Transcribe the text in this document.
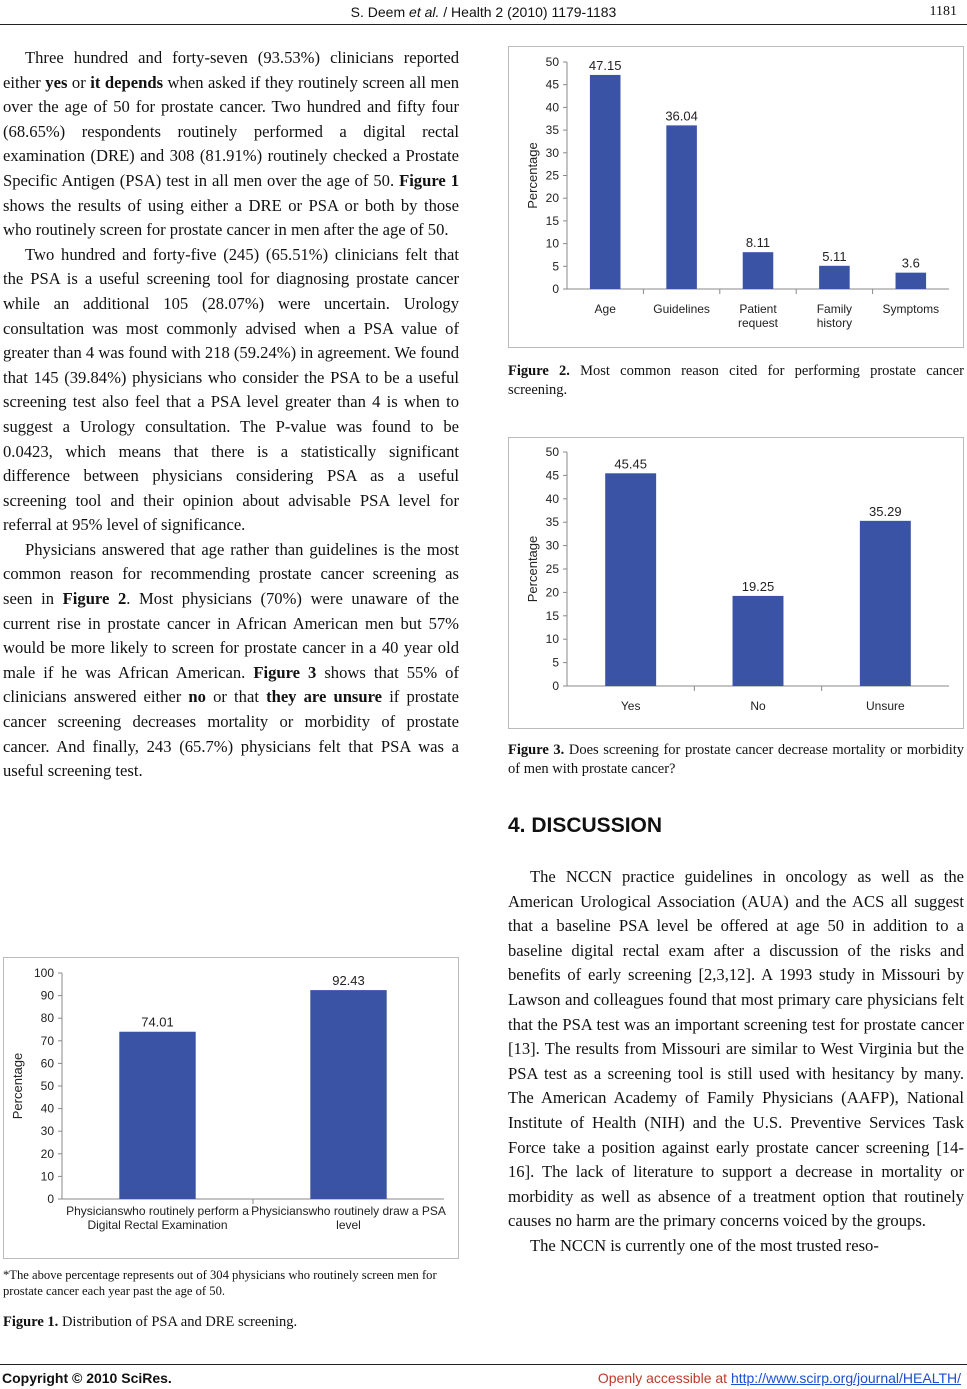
S. Deem et al. / Health 2 (2010) 1179-1183	1181

Three hundred and forty-seven (93.53%) clinicians reported either yes or it depends when asked if they routinely screen all men over the age of 50 for prostate cancer. Two hundred and fifty four (68.65%) respondents routinely performed a digital rectal examination (DRE) and 308 (81.91%) routinely checked a Prostate Specific Antigen (PSA) test in all men over the age of 50. Figure 1 shows the results of using either a DRE or PSA or both by those who routinely screen for prostate cancer in men after the age of 50.

Two hundred and forty-five (245) (65.51%) clinicians felt that the PSA is a useful screening tool for diagnosing prostate cancer while an additional 105 (28.07%) were uncertain. Urology consultation was most commonly advised when a PSA value of greater than 4 was found with 218 (59.24%) in agreement. We found that 145 (39.84%) physicians who consider the PSA to be a useful screening test also feel that a PSA level greater than 4 is when to suggest a Urology consultation. The P-value was found to be 0.0423, which means that there is a statistically significant difference between physicians considering PSA as a useful screening tool and their opinion about advisable PSA level for referral at 95% level of significance.

Physicians answered that age rather than guidelines is the most common reason for recommending prostate cancer screening as seen in Figure 2. Most physicians (70%) were unaware of the current rise in prostate cancer in African American men but 57% would be more likely to screen for prostate cancer in a 40 year old male if he was African American. Figure 3 shows that 55% of clinicians answered either no or that they are unsure if prostate cancer screening decreases mortality or morbidity of prostate cancer. And finally, 243 (65.7%) physicians felt that PSA was a useful screening test.

Percentage
0
10
20
30
40
50
60
70
80
90
100
74.01
Physicianswho routinely perform a
Digital Rectal Examination
92.43
Physicianswho routinely draw a PSA
level
*The above percentage represents out of 304 physicians who routinely screen men for prostate cancer each year past the age of 50.
Figure 1. Distribution of PSA and DRE screening.
Percentage
0
5
10
15
20
25
30
35
40
45
50 47.15
Age
36.04
Guidelines
8.11
Patient
request
5.11
Family
history
3.6
Symptoms
Figure 2. Most common reason cited for performing prostate cancer screening.
Percentage
0
5
10
15
20
25
30
35
40
45
50
45.45
Yes
19.25
No
35.29
Unsure
Figure 3. Does screening for prostate cancer decrease mortality or morbidity of men with prostate cancer?
4. DISCUSSION

The NCCN practice guidelines in oncology as well as the American Urological Association (AUA) and the ACS all suggest that a baseline PSA level be offered at age 50 in addition to a baseline digital rectal exam after a discussion of the risks and benefits of early screening [2,3,12]. A 1993 study in Missouri by Lawson and colleagues found that most primary care physicians felt that the PSA test was an important screening test for prostate cancer [13]. The results from Missouri are similar to West Virginia but the PSA test as a screening tool is still used with hesitancy by many. The American Academy of Family Physicians (AAFP), National Institute of Health (NIH) and the U.S. Preventive Services Task Force take a position against early prostate cancer screening [14-16]. The lack of literature to support a decrease in mortality or morbidity as well as absence of a treatment option that routinely causes no harm are the primary concerns voiced by the groups.

The NCCN is currently one of the most trusted reso-

Copyright © 2010 SciRes.	Openly accessible at http://www.scirp.org/journal/HEALTH/
